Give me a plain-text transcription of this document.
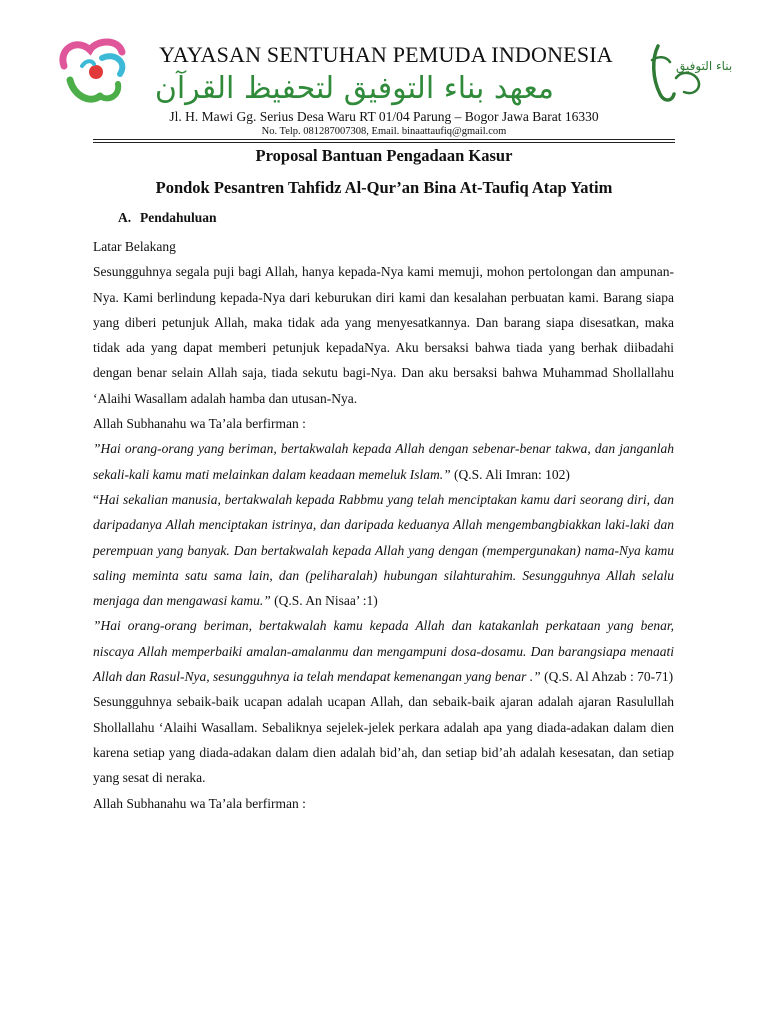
YAYASAN SENTUHAN PEMUDA INDONESIA
معهد بناء التوفيق لتحفيظ القرآن
بناء التوفيق
Jl. H. Mawi Gg. Serius Desa Waru RT 01/04 Parung – Bogor Jawa Barat 16330
No. Telp. 081287007308, Email. binaattaufiq@gmail.com
Proposal Bantuan Pengadaan Kasur
Pondok Pesantren Tahfidz Al-Qur’an Bina At-Taufiq Atap Yatim
A. Pendahuluan

Latar Belakang

Sesungguhnya segala puji bagi Allah, hanya kepada-Nya kami memuji, mohon pertolongan dan ampunan-Nya. Kami berlindung kepada-Nya dari keburukan diri kami dan kesalahan perbuatan kami. Barang siapa yang diberi petunjuk Allah, maka tidak ada yang menyesatkannya. Dan barang siapa disesatkan, maka tidak ada yang dapat memberi petunjuk kepadaNya. Aku bersaksi bahwa tiada yang berhak diibadahi dengan benar selain Allah saja, tiada sekutu bagi-Nya. Dan aku bersaksi bahwa Muhammad Shollallahu ‘Alaihi Wasallam adalah hamba dan utusan-Nya.

Allah Subhanahu wa Ta’ala berfirman :

”Hai orang-orang yang beriman, bertakwalah kepada Allah dengan sebenar-benar takwa, dan janganlah sekali-kali kamu mati melainkan dalam keadaan memeluk Islam.” (Q.S. Ali Imran: 102)

“Hai sekalian manusia, bertakwalah kepada Rabbmu yang telah menciptakan kamu dari seorang diri, dan daripadanya Allah menciptakan istrinya, dan daripada keduanya Allah mengembangbiakkan laki-laki dan perempuan yang banyak. Dan bertakwalah kepada Allah yang dengan (mempergunakan) nama-Nya kamu saling meminta satu sama lain, dan (peliharalah) hubungan silahturahim. Sesungguhnya Allah selalu menjaga dan mengawasi kamu.” (Q.S. An Nisaa’ :1)

”Hai orang-orang beriman, bertakwalah kamu kepada Allah dan katakanlah perkataan yang benar, niscaya Allah memperbaiki amalan-amalanmu dan mengampuni dosa-dosamu. Dan barangsiapa menaati Allah dan Rasul-Nya, sesungguhnya ia telah mendapat kemenangan yang benar .” (Q.S. Al Ahzab : 70-71)

Sesungguhnya sebaik-baik ucapan adalah ucapan Allah, dan sebaik-baik ajaran adalah ajaran Rasulullah Shollallahu ‘Alaihi Wasallam. Sebaliknya sejelek-jelek perkara adalah apa yang diada-adakan dalam dien karena setiap yang diada-adakan dalam dien adalah bid’ah, dan setiap bid’ah adalah kesesatan, dan setiap yang sesat di neraka.

Allah Subhanahu wa Ta’ala berfirman :
